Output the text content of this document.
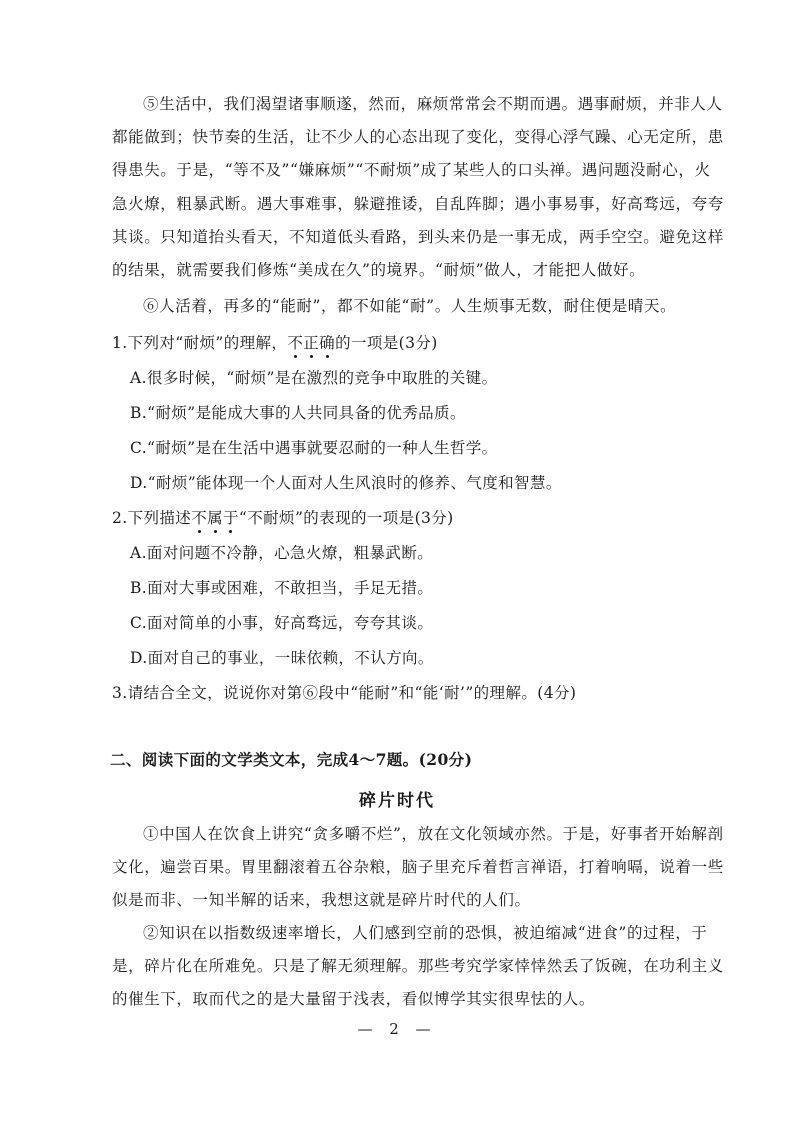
⑤生活中，我们渴望诸事顺遂，然而，麻烦常常会不期而遇。遇事耐烦，并非人人都能做到；快节奏的生活，让不少人的心态出现了变化，变得心浮气躁、心无定所，患得患失。于是，“等不及”“嫌麻烦”“不耐烦”成了某些人的口头禅。遇问题没耐心，火急火燎，粗暴武断。遇大事难事，躲避推诿，自乱阵脚；遇小事易事，好高骛远，夸夸其谈。只知道抬头看天，不知道低头看路，到头来仍是一事无成，两手空空。避免这样的结果，就需要我们修炼“美成在久”的境界。“耐烦”做人，才能把人做好。
⑥人活着，再多的“能耐”，都不如能“耐”。人生烦事无数，耐住便是晴天。
1.下列对“耐烦”的理解，不正确的一项是(3分)
A.很多时候，“耐烦”是在激烈的竞争中取胜的关键。
B.“耐烦”是能成大事的人共同具备的优秀品质。
C.“耐烦”是在生活中遇事就要忍耐的一种人生哲学。
D.“耐烦”能体现一个人面对人生风浪时的修养、气度和智慧。
2.下列描述不属于“不耐烦”的表现的一项是(3分)
A.面对问题不冷静，心急火燎，粗暴武断。
B.面对大事或困难，不敢担当，手足无措。
C.面对简单的小事，好高骛远，夸夸其谈。
D.面对自己的事业，一昧依赖，不认方向。
3.请结合全文，说说你对第⑥段中“能耐”和“能‘耐’”的理解。(4分)
二、阅读下面的文学类文本，完成4～7题。(20分)
碎片时代
①中国人在饮食上讲究“贪多嚼不烂”，放在文化领域亦然。于是，好事者开始解剖文化，遍尝百果。胃里翻滚着五谷杂粮，脑子里充斥着哲言禅语，打着响嗝，说着一些似是而非、一知半解的话来，我想这就是碎片时代的人们。
②知识在以指数级速率增长，人们感到空前的恐惧，被迫缩减“进食”的过程，于是，碎片化在所难免。只是了解无须理解。那些考究学家悻悻然丢了饭碗，在功利主义的催生下，取而代之的是大量留于浅表，看似博学其实很卑怯的人。
— 2 —
